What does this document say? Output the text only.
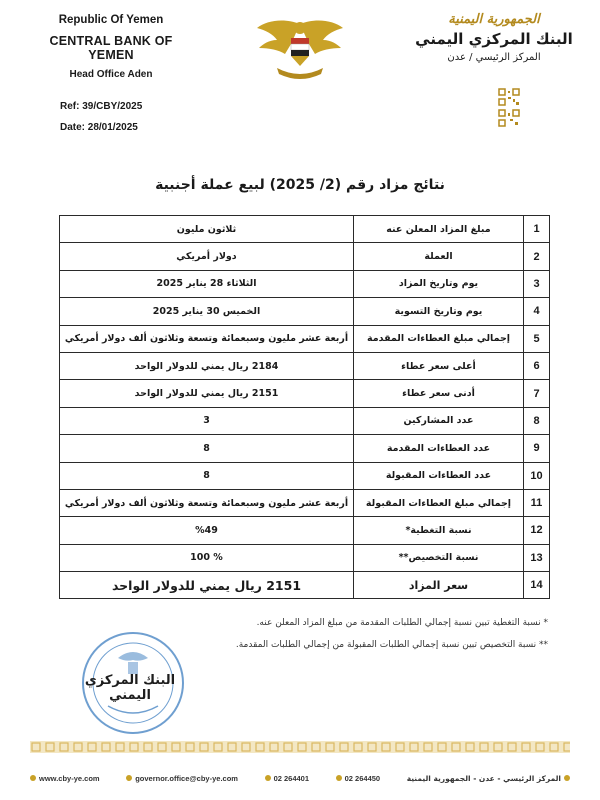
Republic Of Yemen
CENTRAL BANK OF YEMEN
Head Office Aden
الجمهورية اليمنية
البنك المركزي اليمني
المركز الرئيسي / عدن
Ref: 39/CBY/2025
Date: 28/01/2025
نتائج مزاد رقم (2/ 2025) لبيع عملة أجنبية
1	مبلغ المزاد المعلن عنه	ثلاثون مليون
2	العملة	دولار أمريكي
3	يوم وتاريخ المزاد	الثلاثاء 28 يناير 2025
4	يوم وتاريخ التسوية	الخميس 30 يناير 2025
5	إجمالي مبلغ العطاءات المقدمة	أربعة عشر مليون وسبعمائة وتسعة وثلاثون ألف دولار أمريكي
6	أعلى سعر عطاء	2184 ريال يمني للدولار الواحد
7	أدنى سعر عطاء	2151 ريال يمني للدولار الواحد
8	عدد المشاركين	3
9	عدد العطاءات المقدمة	8
10	عدد العطاءات المقبولة	8
11	إجمالي مبلغ العطاءات المقبولة	أربعة عشر مليون وسبعمائة وتسعة وثلاثون ألف دولار أمريكي
12	نسبة التغطية*	%49
13	نسبة التخصيص**	% 100
14	سعر المزاد	2151 ريال يمني للدولار الواحد
* نسبة التغطية تبين نسبة إجمالي الطلبات المقدمة من مبلغ المزاد المعلن عنه.
** نسبة التخصيص تبين نسبة إجمالي الطلبات المقبولة من إجمالي الطلبات المقدمة.
البنك المركزي اليمني
www.cby-ye.com	governor.office@cby-ye.com	02 264401	02 264450	المركز الرئيسي - عدن - الجمهورية اليمنية
